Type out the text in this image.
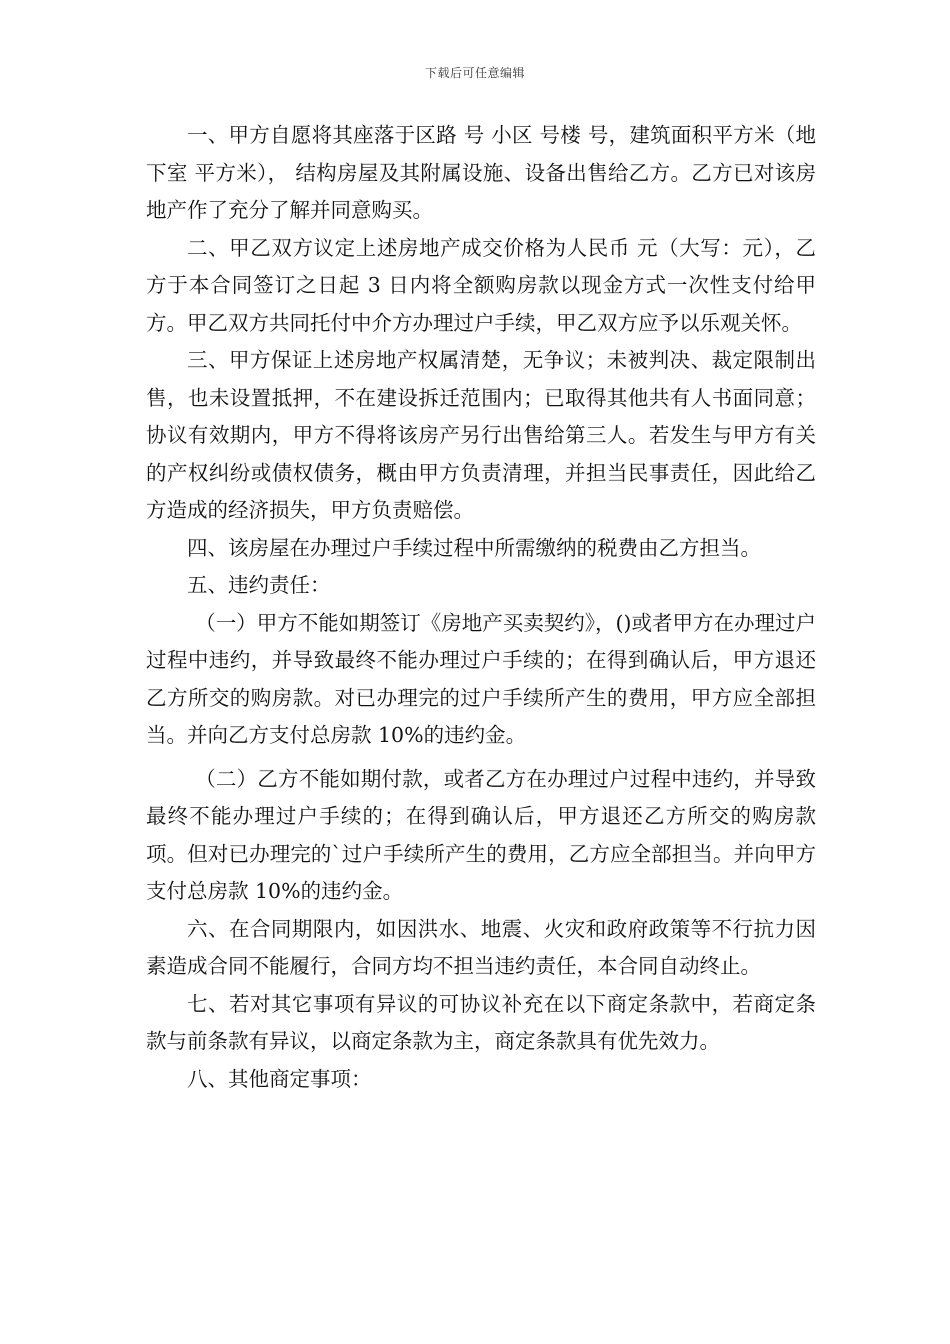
下载后可任意编辑

一、甲方自愿将其座落于区路 号 小区 号楼 号，建筑面积平方米（地下室 平方米）， 结构房屋及其附属设施、设备出售给乙方。乙方已对该房地产作了充分了解并同意购买。

二、甲乙双方议定上述房地产成交价格为人民币 元（大写：元），乙方于本合同签订之日起 3 日内将全额购房款以现金方式一次性支付给甲方。甲乙双方共同托付中介方办理过户手续，甲乙双方应予以乐观关怀。

三、甲方保证上述房地产权属清楚，无争议；未被判决、裁定限制出售，也未设置抵押，不在建设拆迁范围内；已取得其他共有人书面同意；协议有效期内，甲方不得将该房产另行出售给第三人。若发生与甲方有关的产权纠纷或债权债务，概由甲方负责清理，并担当民事责任，因此给乙方造成的经济损失，甲方负责赔偿。

四、该房屋在办理过户手续过程中所需缴纳的税费由乙方担当。

五、违约责任：

（一）甲方不能如期签订《房地产买卖契约》，()或者甲方在办理过户过程中违约，并导致最终不能办理过户手续的；在得到确认后，甲方退还乙方所交的购房款。对已办理完的过户手续所产生的费用，甲方应全部担当。并向乙方支付总房款 10%的违约金。

（二）乙方不能如期付款，或者乙方在办理过户过程中违约，并导致最终不能办理过户手续的；在得到确认后，甲方退还乙方所交的购房款项。但对已办理完的`过户手续所产生的费用，乙方应全部担当。并向甲方支付总房款 10%的违约金。

六、在合同期限内，如因洪水、地震、火灾和政府政策等不行抗力因素造成合同不能履行，合同方均不担当违约责任，本合同自动终止。

七、若对其它事项有异议的可协议补充在以下商定条款中，若商定条款与前条款有异议，以商定条款为主，商定条款具有优先效力。

八、其他商定事项：
